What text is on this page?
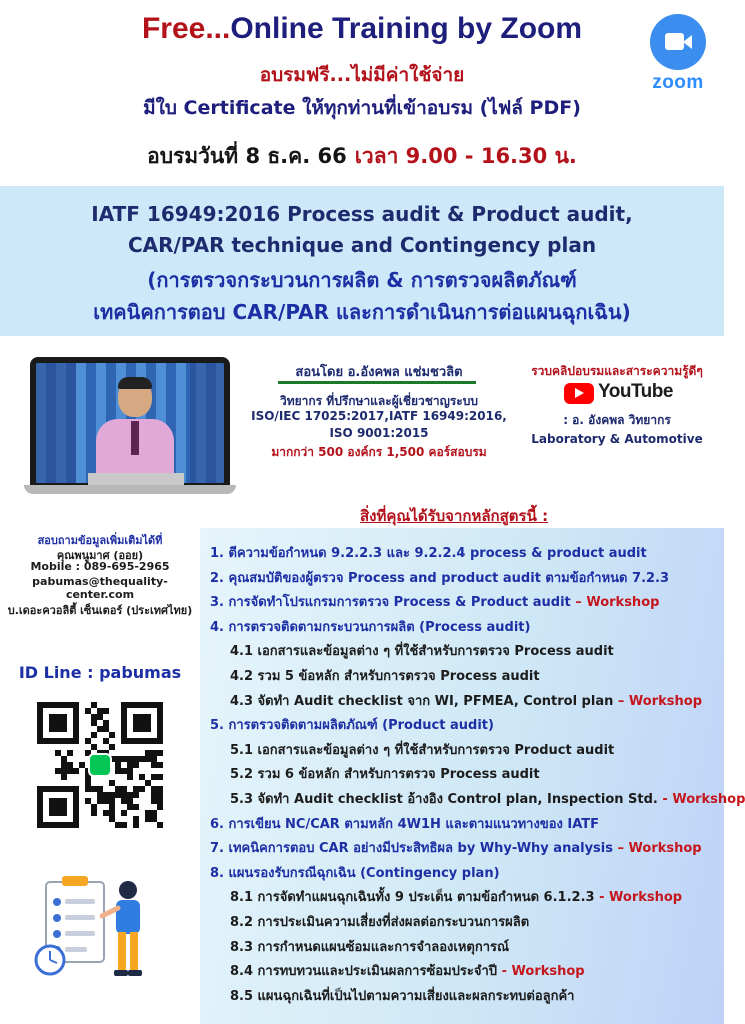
Free...Online Training by Zoom
zoom
อบรมฟรี...ไม่มีค่าใช้จ่าย
มีใบ Certificate ให้ทุกท่านที่เข้าอบรม (ไฟล์ PDF)
อบรมวันที่ 8 ธ.ค. 66 เวลา 9.00 - 16.30 น.
IATF 16949:2016 Process audit & Product audit,
CAR/PAR technique and Contingency plan
(การตรวจกระบวนการผลิต & การตรวจผลิตภัณฑ์
เทคนิคการตอบ CAR/PAR และการดำเนินการต่อแผนฉุกเฉิน)
สอนโดย อ.อังคพล แช่มชวลิต
วิทยากร ที่ปรึกษาและผู้เชี่ยวชาญระบบ
ISO/IEC 17025:2017,IATF 16949:2016,
ISO 9001:2015
มากกว่า 500 องค์กร 1,500 คอร์สอบรม
รวบคลิปอบรมและสาระความรู้ดีๆ
YouTube
: อ. อังคพล วิทยากร
Laboratory & Automotive
สอบถามข้อมูลเพิ่มเติมได้ที่
คุณพนูมาศ (ออย)
Mobile : 089-695-2965
pabumas@thequality-center.com
บ.เดอะควอลิตี้ เซ็นเตอร์ (ประเทศไทย)
ID Line : pabumas
สิ่งที่คุณได้รับจากหลักสูตรนี้ :
1. ตีความข้อกำหนด 9.2.2.3 และ 9.2.2.4 process & product audit
2. คุณสมบัติของผู้ตรวจ Process and product audit ตามข้อกำหนด 7.2.3
3. การจัดทำโปรแกรมการตรวจ Process & Product audit – Workshop
4. การตรวจติดตามกระบวนการผลิต (Process audit)
4.1 เอกสารและข้อมูลต่าง ๆ ที่ใช้สำหรับการตรวจ Process audit
4.2 รวม 5 ข้อหลัก สำหรับการตรวจ Process audit
4.3 จัดทำ Audit checklist จาก WI, PFMEA, Control plan – Workshop
5. การตรวจติดตามผลิตภัณฑ์ (Product audit)
5.1 เอกสารและข้อมูลต่าง ๆ ที่ใช้สำหรับการตรวจ Product audit
5.2 รวม 6 ข้อหลัก สำหรับการตรวจ Process audit
5.3 จัดทำ Audit checklist อ้างอิง Control plan, Inspection Std. - Workshop
6. การเขียน NC/CAR ตามหลัก 4W1H และตามแนวทางของ IATF
7. เทคนิคการตอบ CAR อย่างมีประสิทธิผล by Why-Why analysis – Workshop
8. แผนรองรับกรณีฉุกเฉิน (Contingency plan)
8.1 การจัดทำแผนฉุกเฉินทั้ง 9 ประเด็น ตามข้อกำหนด 6.1.2.3 - Workshop
8.2 การประเมินความเสี่ยงที่ส่งผลต่อกระบวนการผลิต
8.3 การกำหนดแผนซ้อมและการจำลองเหตุการณ์
8.4 การทบทวนและประเมินผลการซ้อมประจำปี - Workshop
8.5 แผนฉุกเฉินที่เป็นไปตามความเสี่ยงและผลกระทบต่อลูกค้า
